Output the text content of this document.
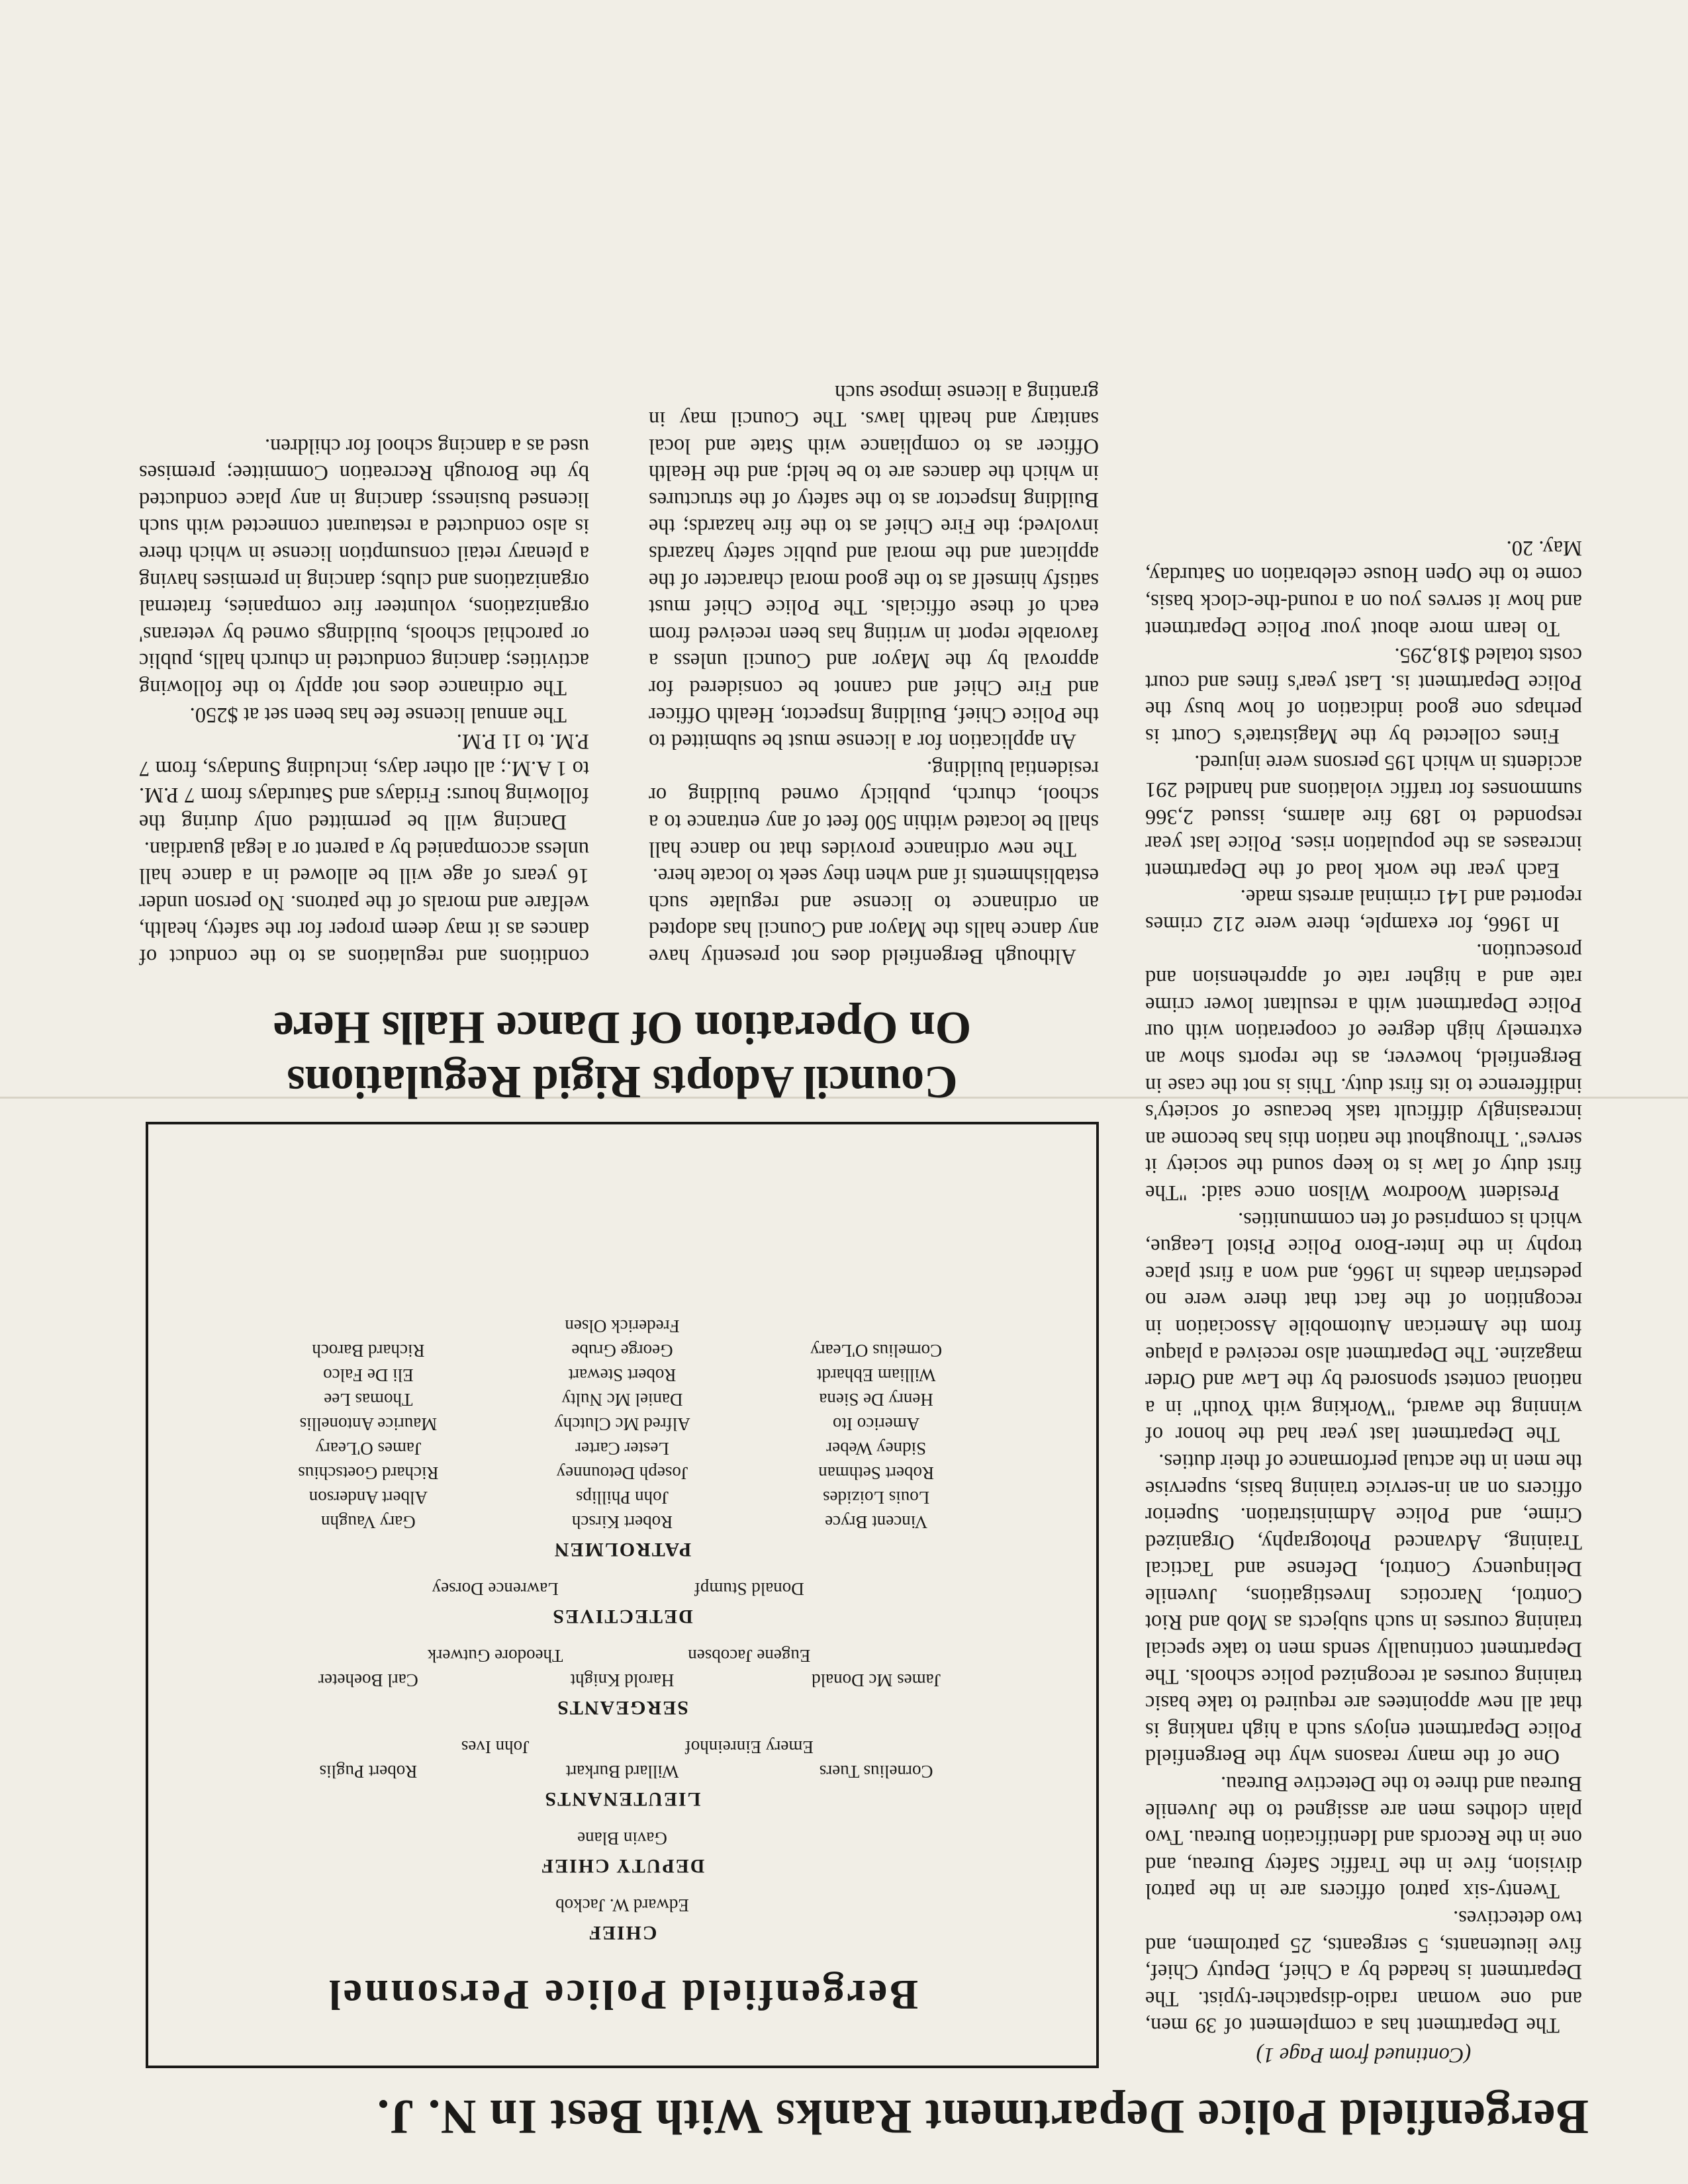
Bergenfield Police Department Ranks With Best In N. J.

(Continued from Page 1)

The Department has a complement of 39 men, and one woman radio-dispatcher-typist. The Department is headed by a Chief, Deputy Chief, five lieutenants, 5 sergeants, 25 patrolmen, and two detectives.

Twenty-six patrol officers are in the patrol division, five in the Traffic Safety Bureau, and one in the Records and Identification Bureau. Two plain clothes men are assigned to the Juvenile Bureau and three to the Detective Bureau.

One of the many reasons why the Bergenfield Police Department enjoys such a high ranking is that all new appointees are required to take basic training courses at recognized police schools. The Department continually sends men to take special training courses in such subjects as Mob and Riot Control, Narcotics Investigations, Juvenile Delinquency Control, Defense and Tactical Training, Advanced Photography, Organized Crime, and Police Administration. Superior officers on an in-service training basis, supervise the men in the actual performance of their duties.

The Department last year had the honor of winning the award, "Working with Youth" in a national contest sponsored by the Law and Order magazine. The Department also received a plaque from the American Automobile Association in recognition of the fact that there were no pedestrian deaths in 1966, and won a first place trophy in the Inter-Boro Police Pistol League, which is comprised of ten communities.

President Woodrow Wilson once said: "The first duty of law is to keep sound the society it serves". Throughout the nation this has become an increasingly difficult task because of society's indifference to its first duty. This is not the case in Bergenfield, however, as the reports show an extremely high degree of cooperation with our Police Department with a resultant lower crime rate and a higher rate of apprehension and prosecution.

In 1966, for example, there were 212 crimes reported and 141 criminal arrests made.

Each year the work load of the Department increases as the population rises. Police last year responded to 189 fire alarms, issued 2,366 summonses for traffic violations and handled 291 accidents in which 195 persons were injured.

Fines collected by the Magistrate's Court is perhaps one good indication of how busy the Police Department is. Last year's fines and court costs totaled $18,295.

To learn more about your Police Department and how it serves you on a round-the-clock basis, come to the Open House celebration on Saturday, May. 20.

Bergenfield Police Personnel
CHIEF
Edward W. Jackob
DEPUTY CHIEF
Gavin Blane
LIEUTENANTS
Cornelius Tuers
Willard Burkart
Robert Puglis
Emery Einreinhof
John Ives
SERGEANTS
James Mc Donald
Harold Knight
Carl Boeheter
Eugene Jacobsen
Theodore Gutwerk
DETECTIVES
Donald Stumpf
Lawrence Dorsey
PATROLMEN
Vincent Bryce
Robert Kirsch
Gary Vaughn
Louis Loizides
John Phillips
Albert Anderson
Robert Sethman
Joseph Detounney
Richard Goetschius
Sidney Weber
Lester Carter
James O'Leary
Americo Ito
Alfred Mc Clutchy
Maurice Antonellis
Henry De Siena
Daniel Mc Nulty
Thomas Lee
William Ebhardt
Robert Stewart
Eli De Falco
Cornelius O'Leary
George Grube
Richard Baroch
Frederick Olsen
Council Adopts Rigid Regulations
On Operation Of Dance Halls Here

Although Bergenfield does not presently have any dance halls the Mayor and Council has adopted an ordinance to license and regulate such establishments if and when they seek to locate here.

The new ordinance provides that no dance hall shall be located within 500 feet of any entrance to a school, church, publicly owned building or residential building.

An application for a license must be submitted to the Police Chief, Building Inspector, Health Officer and Fire Chief and cannot be considered for approval by the Mayor and Council unless a favorable report in writing has been received from each of these officials. The Police Chief must satisfy himself as to the good moral character of the applicant and the moral and public safety hazards involved; the Fire Chief as to the fire hazards; the Building Inspector as to the safety of the structures in which the dances are to be held; and the Health Officer as to compliance with State and local sanitary and health laws. The Council may in granting a license impose such

conditions and regulations as to the conduct of dances as it may deem proper for the safety, health, welfare and morals of the patrons. No person under 16 years of age will be allowed in a dance hall unless accompanied by a parent or a legal guardian.

Dancing will be permitted only during the following hours: Fridays and Saturdays from 7 P.M. to 1 A.M.; all other days, including Sundays, from 7 P.M. to 11 P.M.

The annual license fee has been set at $250.

The ordinance does not apply to the following activities; dancing conducted in church halls, public or parochial schools, buildings owned by veterans' organizations, volunteer fire companies, fraternal organizations and clubs; dancing in premises having a plenary retail consumption license in which there is also conducted a restaurant connected with such licensed business; dancing in any place conducted by the Borough Recreation Committee; premises used as a dancing school for children.
